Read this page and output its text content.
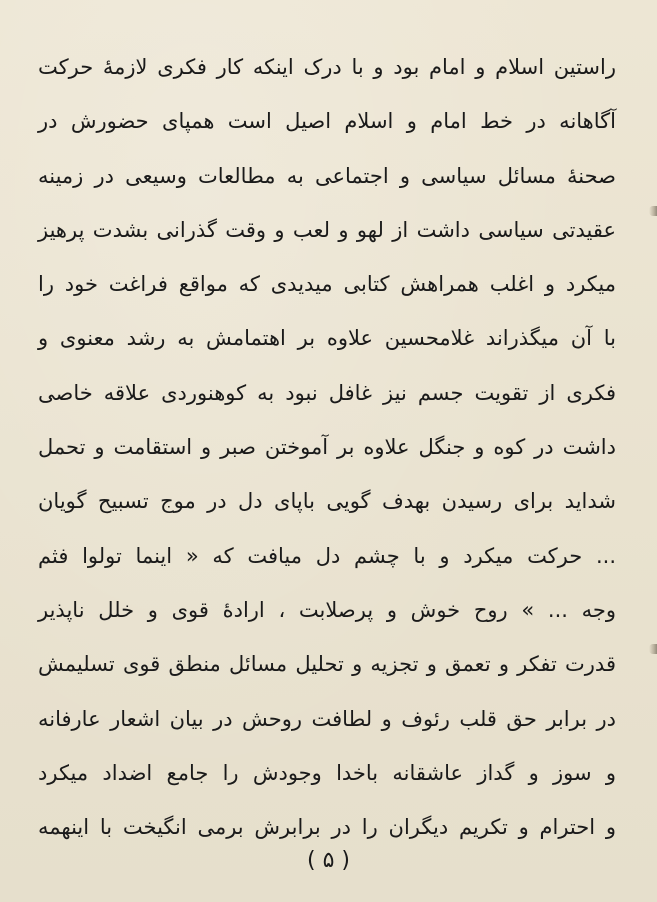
راستین اسلام و امام بود و با درک اینکه کار فکری لازمهٔ حرکت
آگاهانه در خط امام و اسلام اصیل است همپای حضورش در
صحنهٔ مسائل سیاسی و اجتماعی به مطالعات وسیعی در زمینه
عقیدتی سیاسی داشت از لهو و لعب و وقت گذرانی بشدت پرهیز
میکرد و اغلب همراهش کتابی میدیدی که مواقع فراغت خود را
با آن میگذراند غلامحسین علاوه بر اهتمامش به رشد معنوی و
فکری از تقویت جسم نیز غافل نبود به کوهنوردی علاقه خاصی
داشت در کوه و جنگل علاوه بر آموختن صبر و استقامت و تحمل
شداید برای رسیدن بهدف گویی باپای دل در موج تسبیح گویان
... حرکت میکرد و با چشم دل میافت که « اینما تولوا فثم
وجه ... » روح خوش و پرصلابت ، ارادهٔ قوی و خلل ناپذیر
قدرت تفکر و تعمق و تجزیه و تحلیل مسائل منطق قوی تسلیمش
در برابر حق قلب رئوف و لطافت روحش در بیان اشعار عارفانه
و سوز و گداز عاشقانه باخدا وجودش را جامع اضداد میکرد
و احترام و تکریم دیگران را در برابرش برمی انگیخت با اینهمه
( ۵ )
